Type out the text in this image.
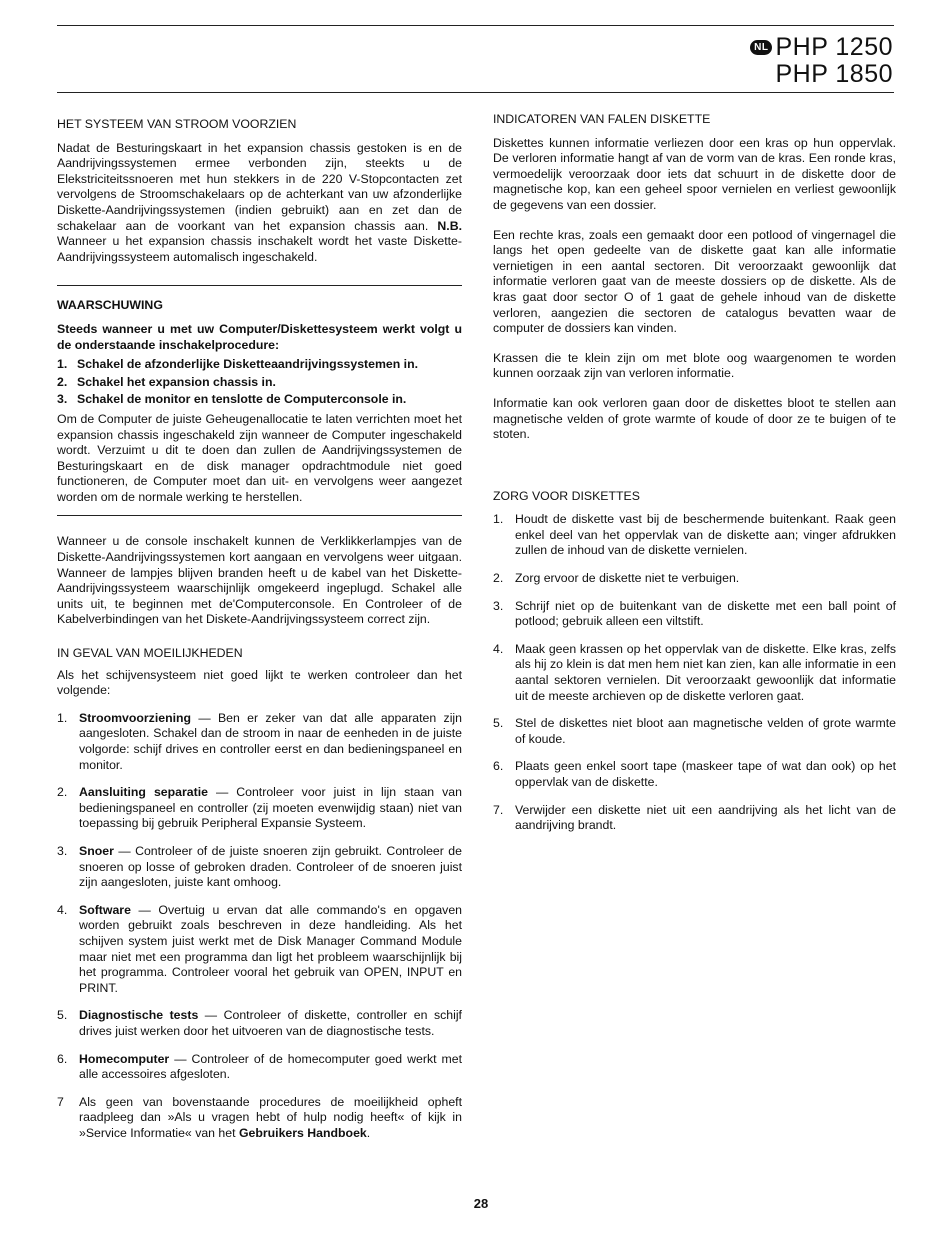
NL PHP 1250
PHP 1850
HET SYSTEEM VAN STROOM VOORZIEN
Nadat de Besturingskaart in het expansion chassis gestoken is en de Aandrijvingssystemen ermee verbonden zijn, steekts u de Elekstriciteitssnoeren met hun stekkers in de 220 V-Stopcontacten zet vervolgens de Stroomschakelaars op de achterkant van uw afzonderlijke Diskette-Aandrijvingssystemen (indien gebruikt) aan en zet dan de schakelaar aan de voorkant van het expansion chassis aan. N.B. Wanneer u het expansion chassis inschakelt wordt het vaste Diskette-Aandrijvingssysteem automalisch ingeschakeld.
WAARSCHUWING
Steeds wanneer u met uw Computer/Diskettesysteem werkt volgt u de onderstaande inschakelprocedure:
1. Schakel de afzonderlijke Disketteaandrijvingssystemen in.
2. Schakel het expansion chassis in.
3. Schakel de monitor en tenslotte de Computerconsole in.
Om de Computer de juiste Geheugenallocatie te laten verrichten moet het expansion chassis ingeschakeld zijn wanneer de Computer ingeschakeld wordt. Verzuimt u dit te doen dan zullen de Aandrijvingssystemen de Besturingskaart en de disk manager opdrachtmodule niet goed functioneren, de Computer moet dan uit- en vervolgens weer aangezet worden om de normale werking te herstellen.
Wanneer u de console inschakelt kunnen de Verklikkerlampjes van de Diskette-Aandrijvingssystemen kort aangaan en vervolgens weer uitgaan. Wanneer de lampjes blijven branden heeft u de kabel van het Diskette-Aandrijvingssysteem waarschijnlijk omgekeerd ingeplugd. Schakel alle units uit, te beginnen met de'Computerconsole. En Controleer of de Kabelverbindingen van het Diskete-Aandrijvingssysteem correct zijn.
IN GEVAL VAN MOEILIJKHEDEN
Als het schijvensysteem niet goed lijkt te werken controleer dan het volgende:
1. Stroomvoorziening — Ben er zeker van dat alle apparaten zijn aangesloten. Schakel dan de stroom in naar de eenheden in de juiste volgorde: schijf drives en controller eerst en dan bedieningspaneel en monitor.
2. Aansluiting separatie — Controleer voor juist in lijn staan van bedieningspaneel en controller (zij moeten evenwijdig staan) niet van toepassing bij gebruik Peripheral Expansie Systeem.
3. Snoer — Controleer of de juiste snoeren zijn gebruikt. Controleer de snoeren op losse of gebroken draden. Controleer of de snoeren juist zijn aangesloten, juiste kant omhoog.
4. Software — Overtuig u ervan dat alle commando's en opgaven worden gebruikt zoals beschreven in deze handleiding. Als het schijven system juist werkt met de Disk Manager Command Module maar niet met een programma dan ligt het probleem waarschijnlijk bij het programma. Controleer vooral het gebruik van OPEN, INPUT en PRINT.
5. Diagnostische tests — Controleer of diskette, controller en schijf drives juist werken door het uitvoeren van de diagnostische tests.
6. Homecomputer — Controleer of de homecomputer goed werkt met alle accessoires afgesloten.
7	Als geen van bovenstaande procedures de moeilijkheid opheft raadpleeg dan »Als u vragen hebt of hulp nodig heeft« of kijk in »Service Informatie« van het Gebruikers Handboek.
INDICATOREN VAN FALEN DISKETTE
Diskettes kunnen informatie verliezen door een kras op hun oppervlak. De verloren informatie hangt af van de vorm van de kras. Een ronde kras, vermoedelijk veroorzaak door iets dat schuurt in de diskette door de magnetische kop, kan een geheel spoor vernielen en verliest gewoonlijk de gegevens van een dossier.
Een rechte kras, zoals een gemaakt door een potlood of vingernagel die langs het open gedeelte van de diskette gaat kan alle informatie vernietigen in een aantal sectoren. Dit veroorzaakt gewoonlijk dat informatie verloren gaat van de meeste dossiers op de diskette. Als de kras gaat door sector O of 1 gaat de gehele inhoud van de diskette verloren, aangezien die sectoren de catalogus bevatten waar de computer de dossiers kan vinden.
Krassen die te klein zijn om met blote oog waargenomen te worden kunnen oorzaak zijn van verloren informatie.
Informatie kan ook verloren gaan door de diskettes bloot te stellen aan magnetische velden of grote warmte of koude of door ze te buigen of te stoten.
ZORG VOOR DISKETTES
1. Houdt de diskette vast bij de beschermende buitenkant. Raak geen enkel deel van het oppervlak van de diskette aan; vinger afdrukken zullen de inhoud van de diskette vernielen.
2. Zorg ervoor de diskette niet te verbuigen.
3. Schrijf niet op de buitenkant van de diskette met een ball point of potlood; gebruik alleen een viltstift.
4. Maak geen krassen op het oppervlak van de diskette. Elke kras, zelfs als hij zo klein is dat men hem niet kan zien, kan alle informatie in een aantal sektoren vernielen. Dit veroorzaakt gewoonlijk dat informatie uit de meeste archieven op de diskette verloren gaat.
5. Stel de diskettes niet bloot aan magnetische velden of grote warmte of koude.
6. Plaats geen enkel soort tape (maskeer tape of wat dan ook) op het oppervlak van de diskette.
7. Verwijder een diskette niet uit een aandrijving als het licht van de aandrijving brandt.
28
